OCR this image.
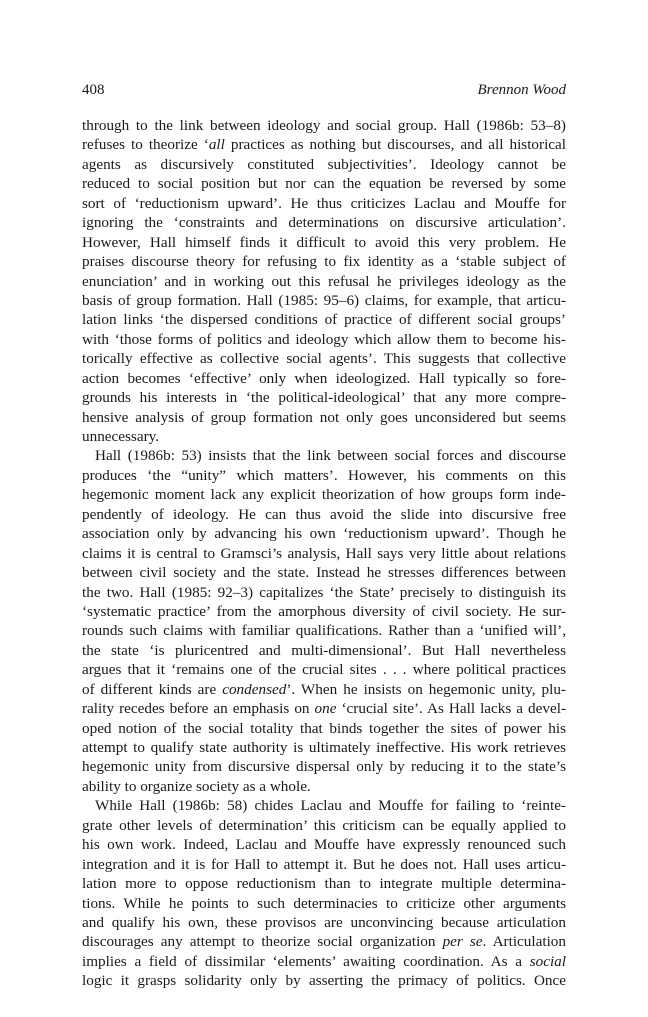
408	Brennon Wood
through to the link between ideology and social group. Hall (1986b: 53–8)
refuses to theorize ‘all practices as nothing but discourses, and all historical
agents as discursively constituted subjectivities’. Ideology cannot be
reduced to social position but nor can the equation be reversed by some
sort of ‘reductionism upward’. He thus criticizes Laclau and Mouffe for
ignoring the ‘constraints and determinations on discursive articulation’.
However, Hall himself finds it difficult to avoid this very problem. He
praises discourse theory for refusing to fix identity as a ‘stable subject of
enunciation’ and in working out this refusal he privileges ideology as the
basis of group formation. Hall (1985: 95–6) claims, for example, that articu-
lation links ‘the dispersed conditions of practice of different social groups’
with ‘those forms of politics and ideology which allow them to become his-
torically effective as collective social agents’. This suggests that collective
action becomes ‘effective’ only when ideologized. Hall typically so fore-
grounds his interests in ‘the political-ideological’ that any more compre-
hensive analysis of group formation not only goes unconsidered but seems
unnecessary.
Hall (1986b: 53) insists that the link between social forces and discourse
produces ‘the “unity” which matters’. However, his comments on this
hegemonic moment lack any explicit theorization of how groups form inde-
pendently of ideology. He can thus avoid the slide into discursive free
association only by advancing his own ‘reductionism upward’. Though he
claims it is central to Gramsci’s analysis, Hall says very little about relations
between civil society and the state. Instead he stresses differences between
the two. Hall (1985: 92–3) capitalizes ‘the State’ precisely to distinguish its
‘systematic practice’ from the amorphous diversity of civil society. He sur-
rounds such claims with familiar qualifications. Rather than a ‘unified will’,
the state ‘is pluricentred and multi-dimensional’. But Hall nevertheless
argues that it ‘remains one of the crucial sites . . . where political practices
of different kinds are condensed’. When he insists on hegemonic unity, plu-
rality recedes before an emphasis on one ‘crucial site’. As Hall lacks a devel-
oped notion of the social totality that binds together the sites of power his
attempt to qualify state authority is ultimately ineffective. His work retrieves
hegemonic unity from discursive dispersal only by reducing it to the state’s
ability to organize society as a whole.
While Hall (1986b: 58) chides Laclau and Mouffe for failing to ‘reinte-
grate other levels of determination’ this criticism can be equally applied to
his own work. Indeed, Laclau and Mouffe have expressly renounced such
integration and it is for Hall to attempt it. But he does not. Hall uses articu-
lation more to oppose reductionism than to integrate multiple determina-
tions. While he points to such determinacies to criticize other arguments
and qualify his own, these provisos are unconvincing because articulation
discourages any attempt to theorize social organization per se. Articulation
implies a field of dissimilar ‘elements’ awaiting coordination. As a social
logic it grasps solidarity only by asserting the primacy of politics. Once
